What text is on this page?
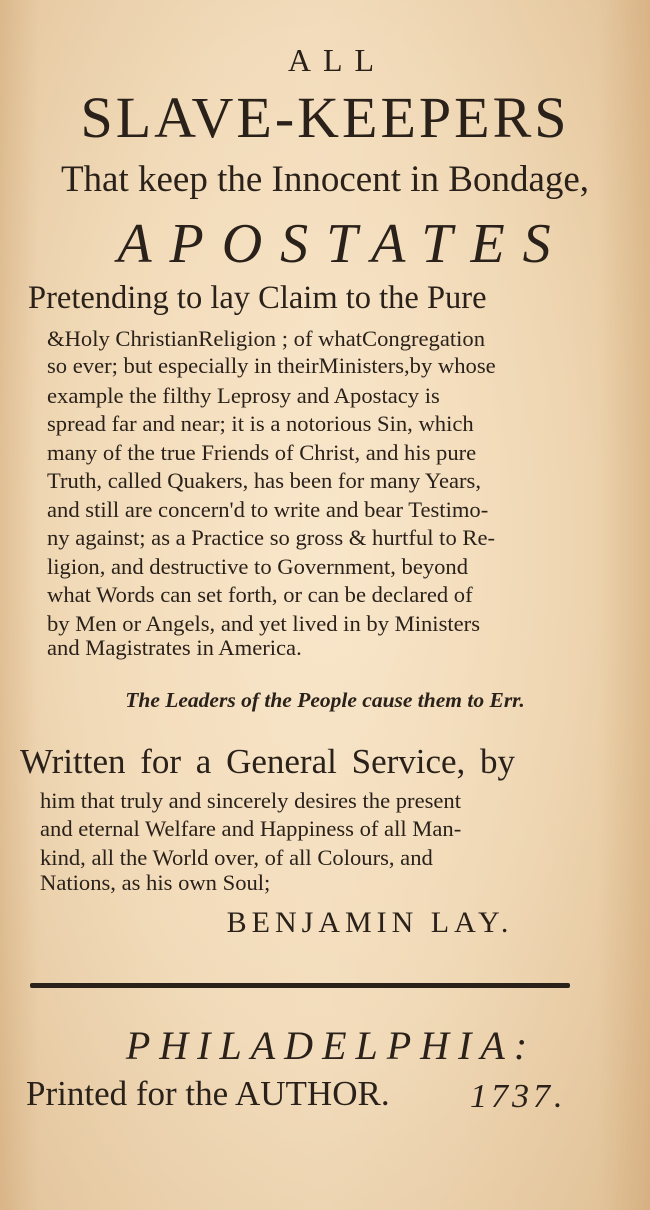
ALL
SLAVE-KEEPERS
That keep the Innocent in Bondage,
APOSTATES
Pretending to lay Claim to the Pure
&Holy ChristianReligion ; of whatCongregation
so ever; but especially in theirMinisters,by whose
example the filthy Leprosy and Apostacy is
spread far and near; it is a notorious Sin, which
many of the true Friends of Christ, and his pure
Truth, called Quakers, has been for many Years,
and still are concern'd to write and bear Testimo-
ny against; as a Practice so gross & hurtful to Re-
ligion, and destructive to Government, beyond
what Words can set forth, or can be declared of
by Men or Angels, and yet lived in by Ministers
and Magistrates in America.
The Leaders of the People cause them to Err.
Written for a General Service, by
him that truly and sincerely desires the present
and eternal Welfare and Happiness of all Man-
kind, all the World over, of all Colours, and
Nations, as his own Soul;
BENJAMIN LAY.
PHILADELPHIA:
Printed for the AUTHOR. 1737.
